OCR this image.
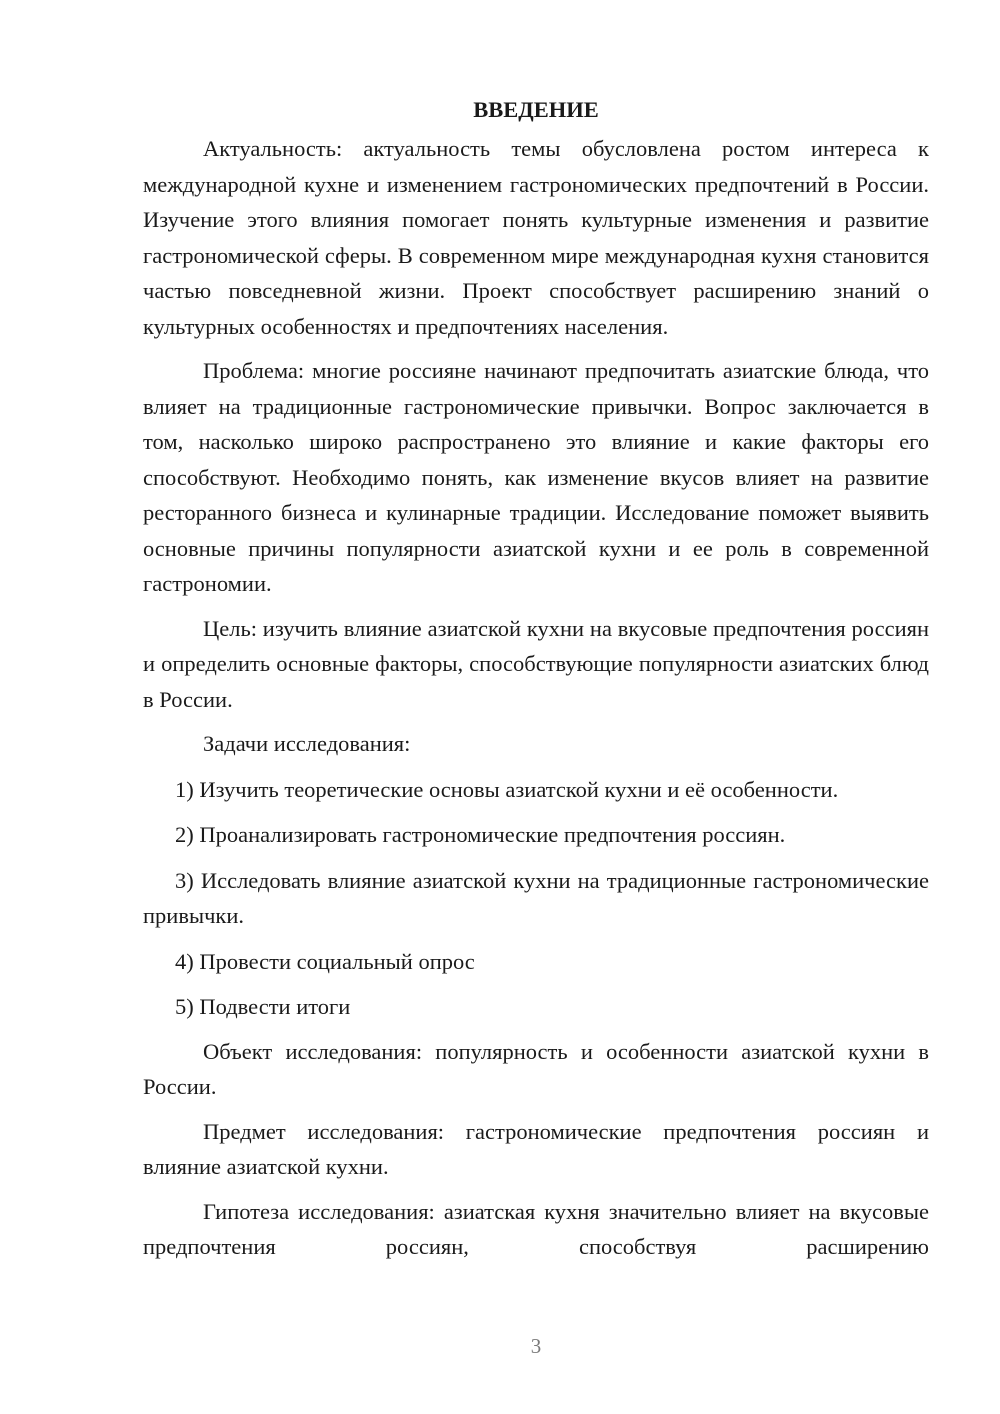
ВВЕДЕНИЕ

Актуальность: актуальность темы обусловлена ростом интереса к международной кухне и изменением гастрономических предпочтений в России. Изучение этого влияния помогает понять культурные изменения и развитие гастрономической сферы. В современном мире международная кухня становится частью повседневной жизни. Проект способствует расширению знаний о культурных особенностях и предпочтениях населения.

Проблема: многие россияне начинают предпочитать азиатские блюда, что влияет на традиционные гастрономические привычки. Вопрос заключается в том, насколько широко распространено это влияние и какие факторы его способствуют. Необходимо понять, как изменение вкусов влияет на развитие ресторанного бизнеса и кулинарные традиции. Исследование поможет выявить основные причины популярности азиатской кухни и ее роль в современной гастрономии.

Цель: изучить влияние азиатской кухни на вкусовые предпочтения россиян и определить основные факторы, способствующие популярности азиатских блюд в России.

Задачи исследования:

1) Изучить теоретические основы азиатской кухни и её особенности.

2) Проанализировать гастрономические предпочтения россиян.

3) Исследовать влияние азиатской кухни на традиционные гастрономические привычки.

4) Провести социальный опрос

5) Подвести итоги

Объект исследования: популярность и особенности азиатской кухни в России.

Предмет исследования: гастрономические предпочтения россиян и влияние азиатской кухни.

Гипотеза исследования: азиатская кухня значительно влияет на вкусовые предпочтения россиян, способствуя расширению

3
